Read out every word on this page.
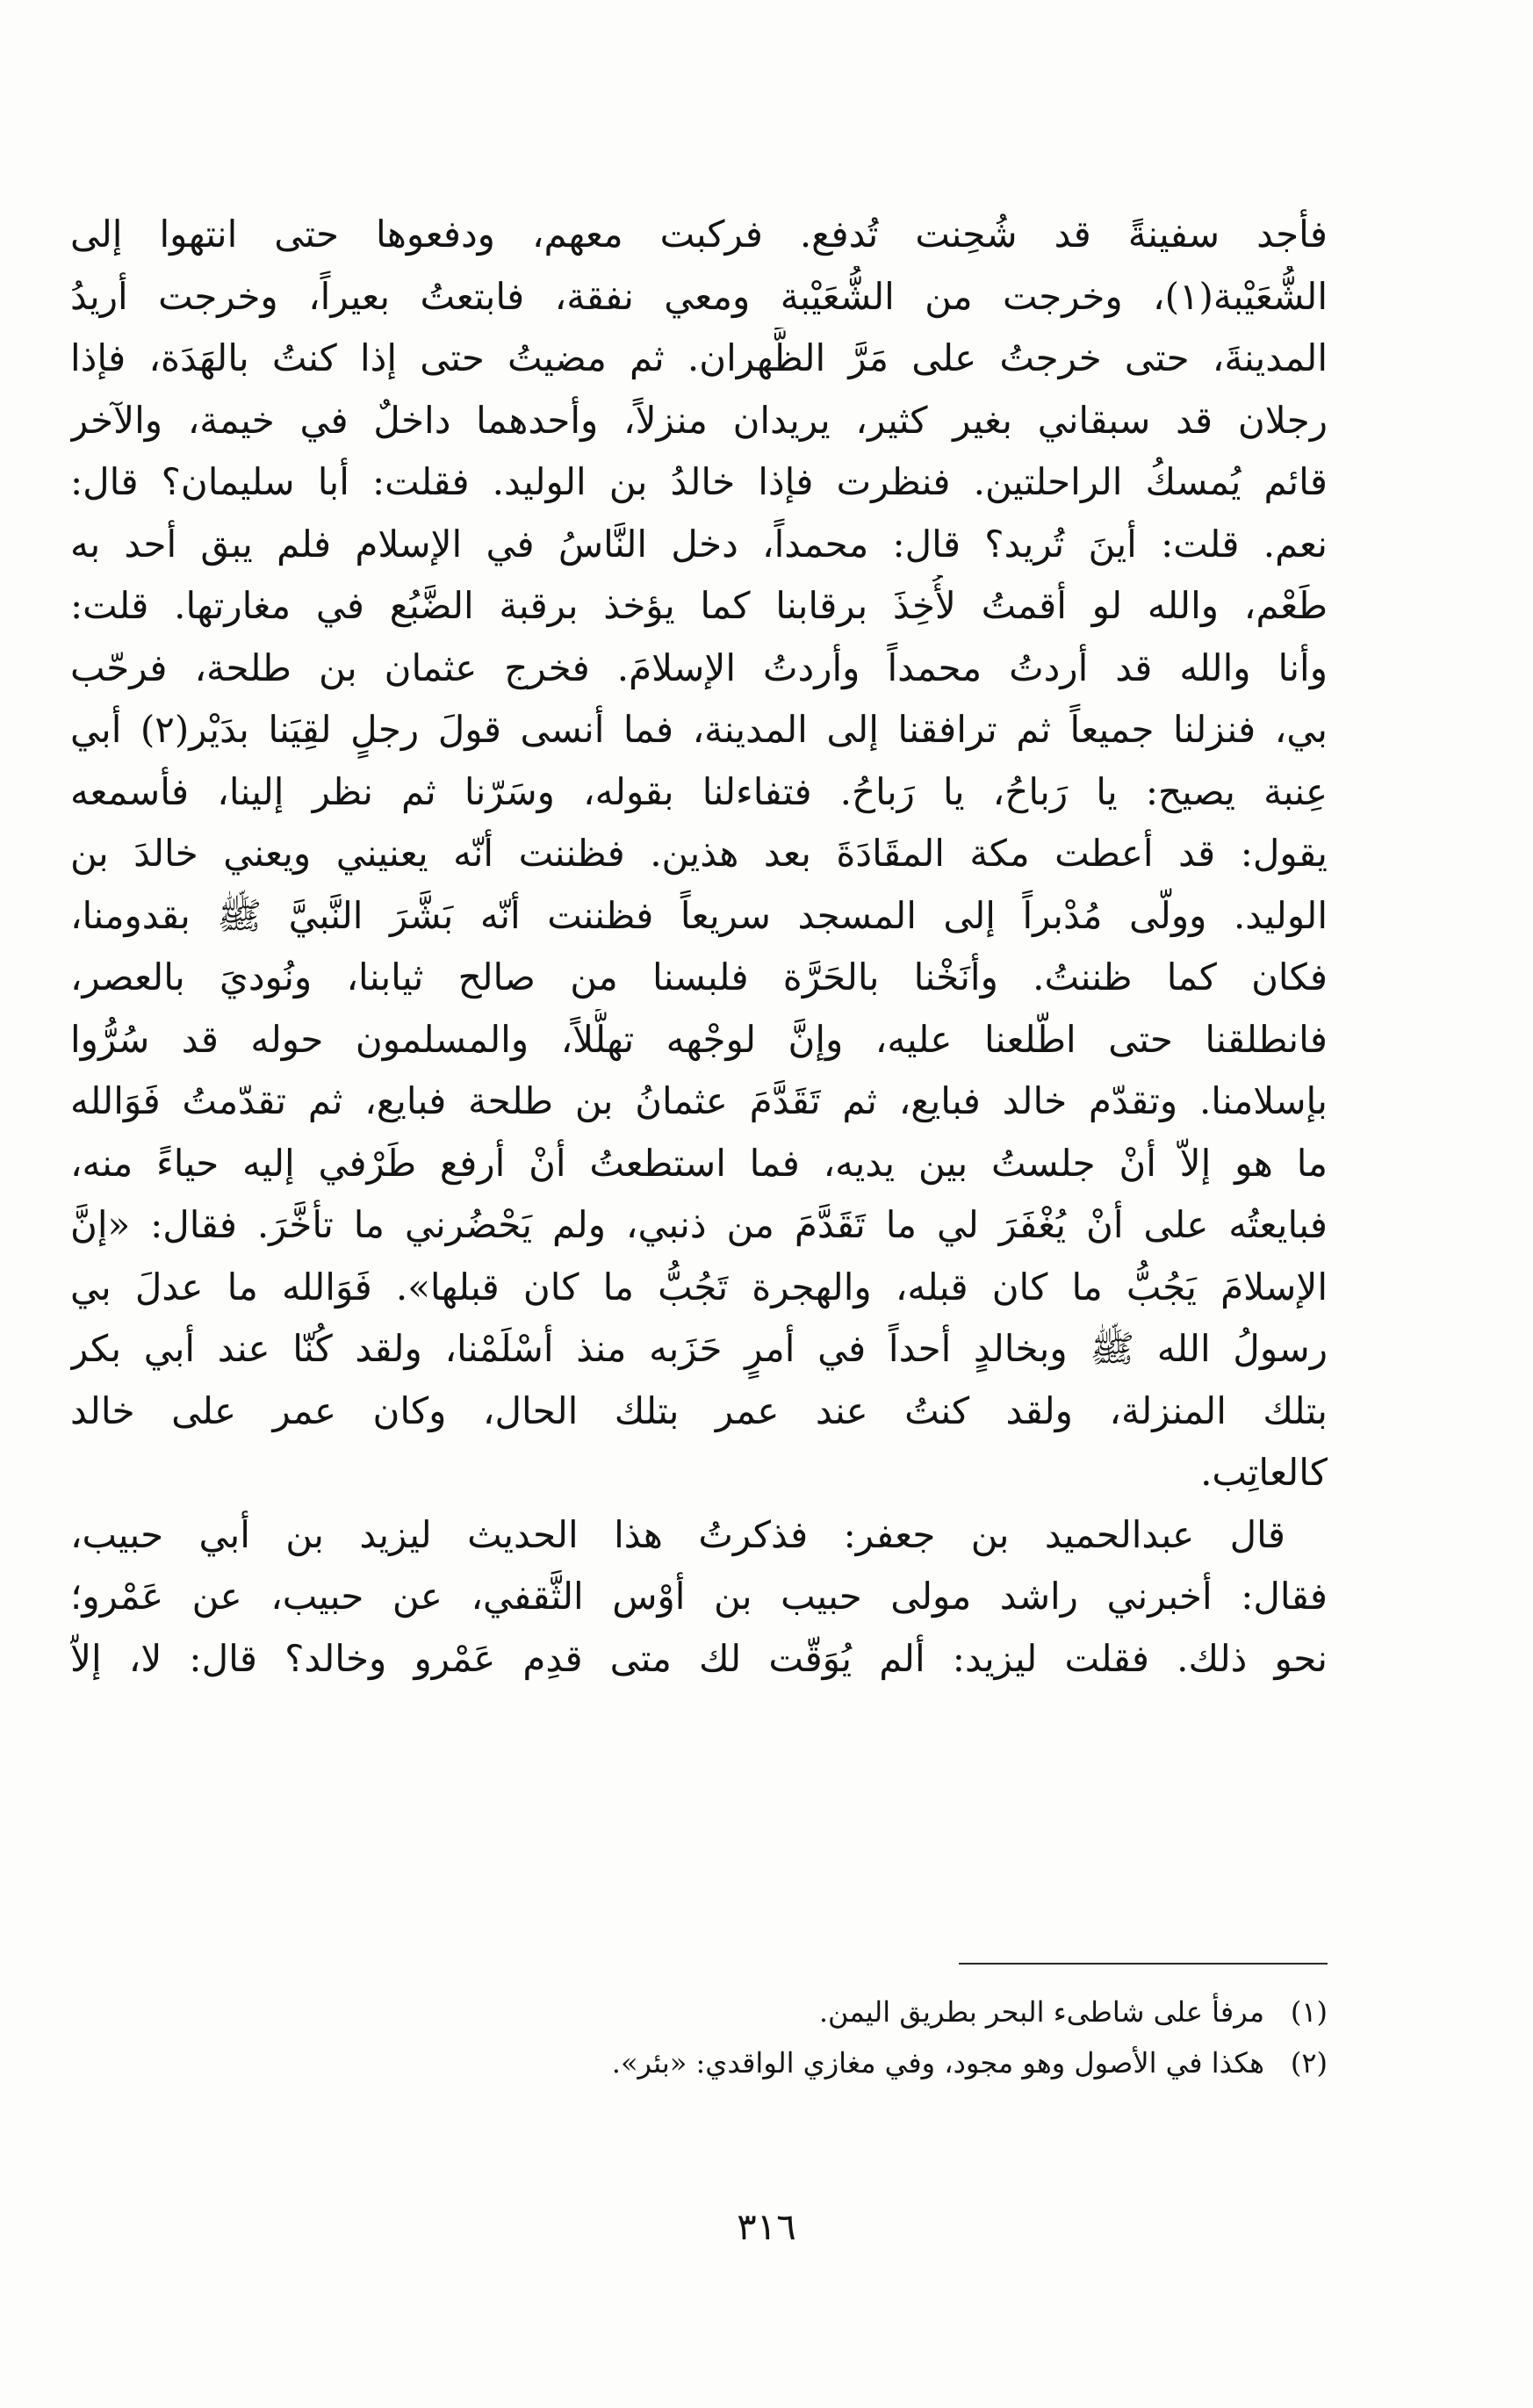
فأجد سفينةً قد شُحِنت تُدفع. فركبت معهم، ودفعوها حتى انتهوا إلى
الشُّعَيْبة(١)، وخرجت من الشُّعَيْبة ومعي نفقة، فابتعتُ بعيراً، وخرجت أريدُ
المدينةَ، حتى خرجتُ على مَرَّ الظَّهران. ثم مضيتُ حتى إذا كنتُ بالهَدَة، فإذا
رجلان قد سبقاني بغير كثير، يريدان منزلاً، وأحدهما داخلٌ في خيمة، والآخر
قائم يُمسكُ الراحلتين. فنظرت فإذا خالدُ بن الوليد. فقلت: أبا سليمان؟ قال:
نعم. قلت: أينَ تُريد؟ قال: محمداً، دخل النَّاسُ في الإسلام فلم يبق أحد به
طَعْم، والله لو أقمتُ لأُخِذَ برقابنا كما يؤخذ برقبة الضَّبُع في مغارتها. قلت:
وأنا والله قد أردتُ محمداً وأردتُ الإسلامَ. فخرج عثمان بن طلحة، فرحّب
بي، فنزلنا جميعاً ثم ترافقنا إلى المدينة، فما أنسى قولَ رجلٍ لقِيَنا بدَيْر(٢) أبي
عِنبة يصيح: يا رَباحُ، يا رَباحُ. فتفاءلنا بقوله، وسَرّنا ثم نظر إلينا، فأسمعه
يقول: قد أعطت مكة المقَادَةَ بعد هذين. فظننت أنّه يعنيني ويعني خالدَ بن
الوليد. وولّى مُدْبراً إلى المسجد سريعاً فظننت أنّه بَشَّرَ النَّبيَّ ﷺ بقدومنا،
فكان كما ظننتُ. وأنَخْنا بالحَرَّة فلبسنا من صالح ثيابنا، ونُوديَ بالعصر،
فانطلقنا حتى اطّلعنا عليه، وإنَّ لوجْهه تهلُّلاً، والمسلمون حوله قد سُرُّوا
بإسلامنا. وتقدّم خالد فبايع، ثم تَقَدَّمَ عثمانُ بن طلحة فبايع، ثم تقدّمتُ فَوَالله
ما هو إلاّ أنْ جلستُ بين يديه، فما استطعتُ أنْ أرفع طَرْفي إليه حياءً منه،
فبايعتُه على أنْ يُغْفَرَ لي ما تَقَدَّمَ من ذنبي، ولم يَحْضُرني ما تأخَّرَ. فقال: «إنَّ
الإسلامَ يَجُبُّ ما كان قبله، والهجرة تَجُبُّ ما كان قبلها». فَوَالله ما عدلَ بي
رسولُ الله ﷺ وبخالدٍ أحداً في أمرٍ حَزَبه منذ أسْلَمْنا، ولقد كُنّا عند أبي بكر
بتلك المنزلة، ولقد كنتُ عند عمر بتلك الحال، وكان عمر على خالد
كالعاتِب.
قال عبدالحميد بن جعفر: فذكرتُ هذا الحديث ليزيد بن أبي حبيب،
فقال: أخبرني راشد مولى حبيب بن أوْس الثَّقفي، عن حبيب، عن عَمْرو؛
نحو ذلك. فقلت ليزيد: ألم يُوَقّت لك متى قدِم عَمْرو وخالد؟ قال: لا، إلاّ
(١)مرفأ على شاطىء البحر بطريق اليمن.
(٢)هكذا في الأصول وهو مجود، وفي مغازي الواقدي: «بئر».
٣١٦
